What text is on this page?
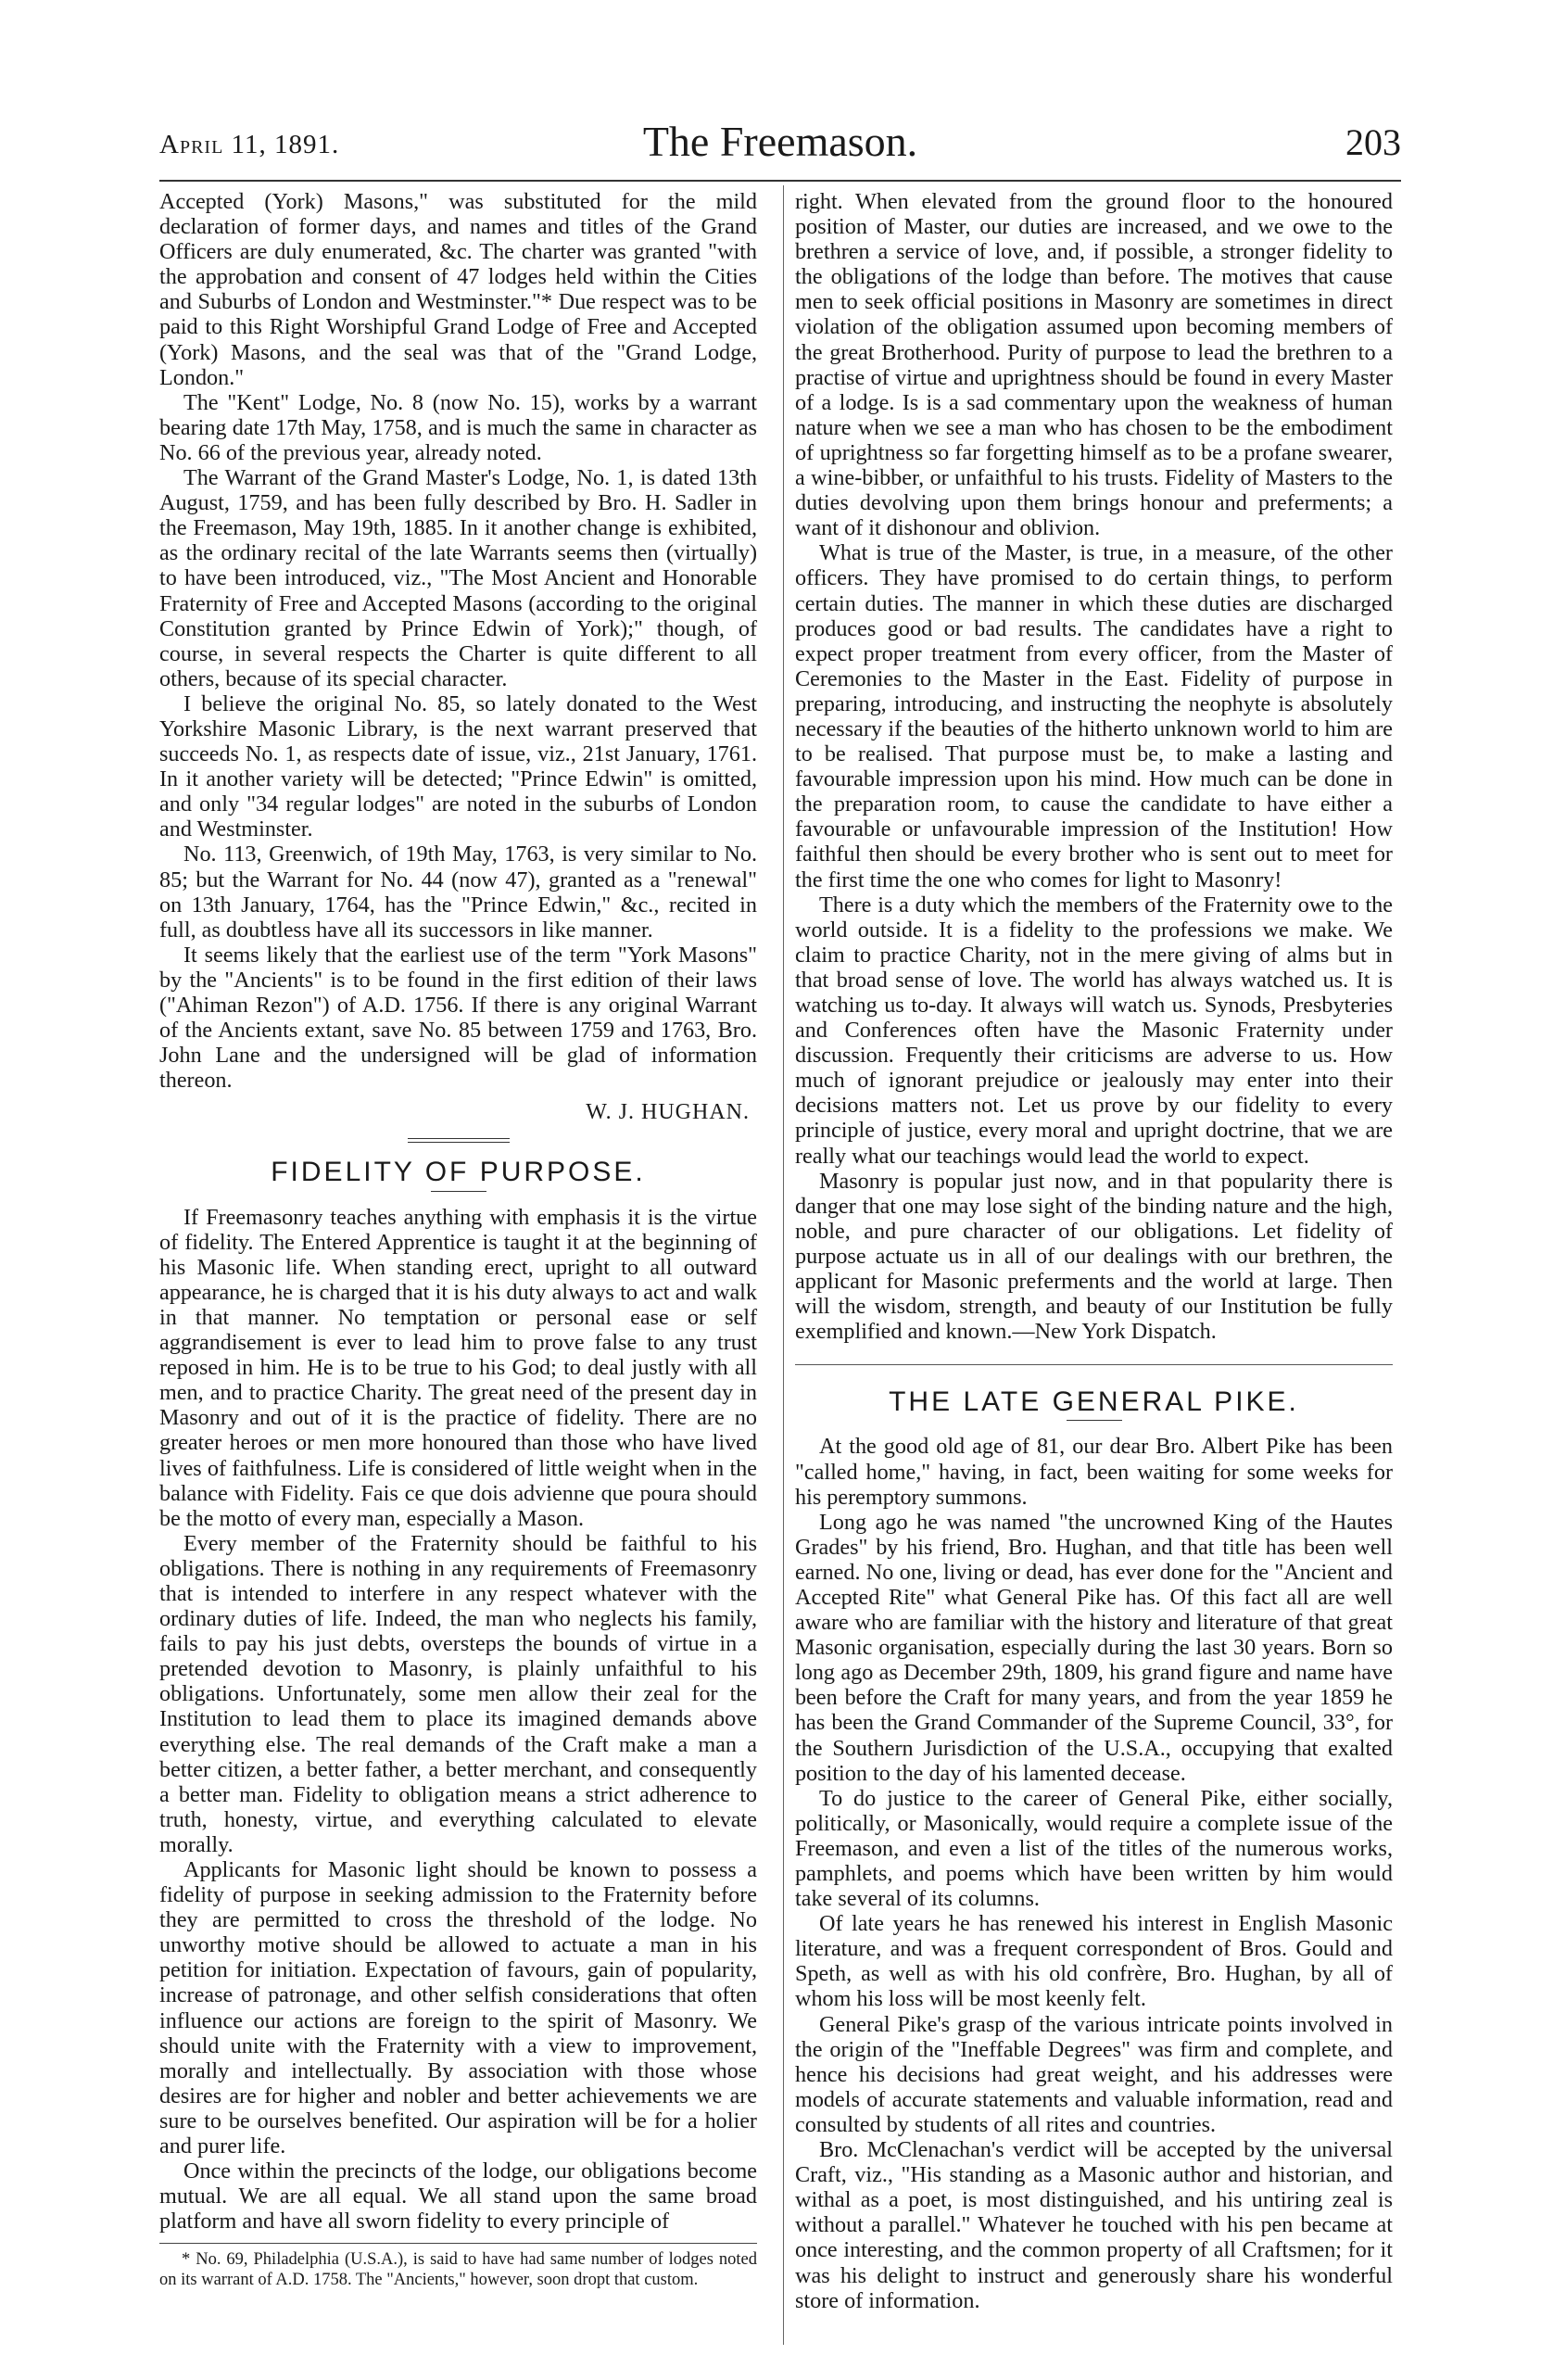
April 11, 1891.	The Freemason.	203

Accepted (York) Masons," was substituted for the mild declaration of former days, and names and titles of the Grand Officers are duly enumerated, &c. The charter was granted "with the approbation and consent of 47 lodges held within the Cities and Suburbs of London and Westminster."* Due respect was to be paid to this Right Worshipful Grand Lodge of Free and Accepted (York) Masons, and the seal was that of the "Grand Lodge, London."

The "Kent" Lodge, No. 8 (now No. 15), works by a warrant bearing date 17th May, 1758, and is much the same in character as No. 66 of the previous year, already noted.

The Warrant of the Grand Master's Lodge, No. 1, is dated 13th August, 1759, and has been fully described by Bro. H. Sadler in the Freemason, May 19th, 1885. In it another change is exhibited, as the ordinary recital of the late Warrants seems then (virtually) to have been introduced, viz., "The Most Ancient and Honorable Fraternity of Free and Accepted Masons (according to the original Constitution granted by Prince Edwin of York);" though, of course, in several respects the Charter is quite different to all others, because of its special character.

I believe the original No. 85, so lately donated to the West Yorkshire Masonic Library, is the next warrant preserved that succeeds No. 1, as respects date of issue, viz., 21st January, 1761. In it another variety will be detected; "Prince Edwin" is omitted, and only "34 regular lodges" are noted in the suburbs of London and Westminster.

No. 113, Greenwich, of 19th May, 1763, is very similar to No. 85; but the Warrant for No. 44 (now 47), granted as a "renewal" on 13th January, 1764, has the "Prince Edwin," &c., recited in full, as doubtless have all its successors in like manner.

It seems likely that the earliest use of the term "York Masons" by the "Ancients" is to be found in the first edition of their laws ("Ahiman Rezon") of A.D. 1756. If there is any original Warrant of the Ancients extant, save No. 85 between 1759 and 1763, Bro. John Lane and the undersigned will be glad of information thereon.

W. J. HUGHAN.
FIDELITY OF PURPOSE.

If Freemasonry teaches anything with emphasis it is the virtue of fidelity. The Entered Apprentice is taught it at the beginning of his Masonic life. When standing erect, upright to all outward appearance, he is charged that it is his duty always to act and walk in that manner. No temptation or personal ease or self aggrandisement is ever to lead him to prove false to any trust reposed in him. He is to be true to his God; to deal justly with all men, and to practice Charity. The great need of the present day in Masonry and out of it is the practice of fidelity. There are no greater heroes or men more honoured than those who have lived lives of faithfulness. Life is considered of little weight when in the balance with Fidelity. Fais ce que dois advienne que poura should be the motto of every man, especially a Mason.

Every member of the Fraternity should be faithful to his obligations. There is nothing in any requirements of Freemasonry that is intended to interfere in any respect whatever with the ordinary duties of life. Indeed, the man who neglects his family, fails to pay his just debts, oversteps the bounds of virtue in a pretended devotion to Masonry, is plainly unfaithful to his obligations. Unfortunately, some men allow their zeal for the Institution to lead them to place its imagined demands above everything else. The real demands of the Craft make a man a better citizen, a better father, a better merchant, and consequently a better man. Fidelity to obligation means a strict adherence to truth, honesty, virtue, and everything calculated to elevate morally.

Applicants for Masonic light should be known to possess a fidelity of purpose in seeking admission to the Fraternity before they are permitted to cross the threshold of the lodge. No unworthy motive should be allowed to actuate a man in his petition for initiation. Expectation of favours, gain of popularity, increase of patronage, and other selfish considerations that often influence our actions are foreign to the spirit of Masonry. We should unite with the Fraternity with a view to improvement, morally and intellectually. By association with those whose desires are for higher and nobler and better achievements we are sure to be ourselves benefited. Our aspiration will be for a holier and purer life.

Once within the precincts of the lodge, our obligations become mutual. We are all equal. We all stand upon the same broad platform and have all sworn fidelity to every principle of

* No. 69, Philadelphia (U.S.A.), is said to have had same number of lodges noted on its warrant of A.D. 1758. The "Ancients," however, soon dropt that custom.

right. When elevated from the ground floor to the honoured position of Master, our duties are increased, and we owe to the brethren a service of love, and, if possible, a stronger fidelity to the obligations of the lodge than before. The motives that cause men to seek official positions in Masonry are sometimes in direct violation of the obligation assumed upon becoming members of the great Brotherhood. Purity of purpose to lead the brethren to a practise of virtue and uprightness should be found in every Master of a lodge. Is is a sad commentary upon the weakness of human nature when we see a man who has chosen to be the embodiment of uprightness so far forgetting himself as to be a profane swearer, a wine-bibber, or unfaithful to his trusts. Fidelity of Masters to the duties devolving upon them brings honour and preferments; a want of it dishonour and oblivion.

What is true of the Master, is true, in a measure, of the other officers. They have promised to do certain things, to perform certain duties. The manner in which these duties are discharged produces good or bad results. The candidates have a right to expect proper treatment from every officer, from the Master of Ceremonies to the Master in the East. Fidelity of purpose in preparing, introducing, and instructing the neophyte is absolutely necessary if the beauties of the hitherto unknown world to him are to be realised. That purpose must be, to make a lasting and favourable impression upon his mind. How much can be done in the preparation room, to cause the candidate to have either a favourable or unfavourable impression of the Institution! How faithful then should be every brother who is sent out to meet for the first time the one who comes for light to Masonry!

There is a duty which the members of the Fraternity owe to the world outside. It is a fidelity to the professions we make. We claim to practice Charity, not in the mere giving of alms but in that broad sense of love. The world has always watched us. It is watching us to-day. It always will watch us. Synods, Presbyteries and Conferences often have the Masonic Fraternity under discussion. Frequently their criticisms are adverse to us. How much of ignorant prejudice or jealously may enter into their decisions matters not. Let us prove by our fidelity to every principle of justice, every moral and upright doctrine, that we are really what our teachings would lead the world to expect.

Masonry is popular just now, and in that popularity there is danger that one may lose sight of the binding nature and the high, noble, and pure character of our obligations. Let fidelity of purpose actuate us in all of our dealings with our brethren, the applicant for Masonic preferments and the world at large. Then will the wisdom, strength, and beauty of our Institution be fully exemplified and known.—New York Dispatch.

THE LATE GENERAL PIKE.

At the good old age of 81, our dear Bro. Albert Pike has been "called home," having, in fact, been waiting for some weeks for his peremptory summons.

Long ago he was named "the uncrowned King of the Hautes Grades" by his friend, Bro. Hughan, and that title has been well earned. No one, living or dead, has ever done for the "Ancient and Accepted Rite" what General Pike has. Of this fact all are well aware who are familiar with the history and literature of that great Masonic organisation, especially during the last 30 years. Born so long ago as December 29th, 1809, his grand figure and name have been before the Craft for many years, and from the year 1859 he has been the Grand Commander of the Supreme Council, 33°, for the Southern Jurisdiction of the U.S.A., occupying that exalted position to the day of his lamented decease.

To do justice to the career of General Pike, either socially, politically, or Masonically, would require a complete issue of the Freemason, and even a list of the titles of the numerous works, pamphlets, and poems which have been written by him would take several of its columns.

Of late years he has renewed his interest in English Masonic literature, and was a frequent correspondent of Bros. Gould and Speth, as well as with his old confrère, Bro. Hughan, by all of whom his loss will be most keenly felt.

General Pike's grasp of the various intricate points involved in the origin of the "Ineffable Degrees" was firm and complete, and hence his decisions had great weight, and his addresses were models of accurate statements and valuable information, read and consulted by students of all rites and countries.

Bro. McClenachan's verdict will be accepted by the universal Craft, viz., "His standing as a Masonic author and historian, and withal as a poet, is most distinguished, and his untiring zeal is without a parallel." Whatever he touched with his pen became at once interesting, and the common property of all Craftsmen; for it was his delight to instruct and generously share his wonderful store of information.
